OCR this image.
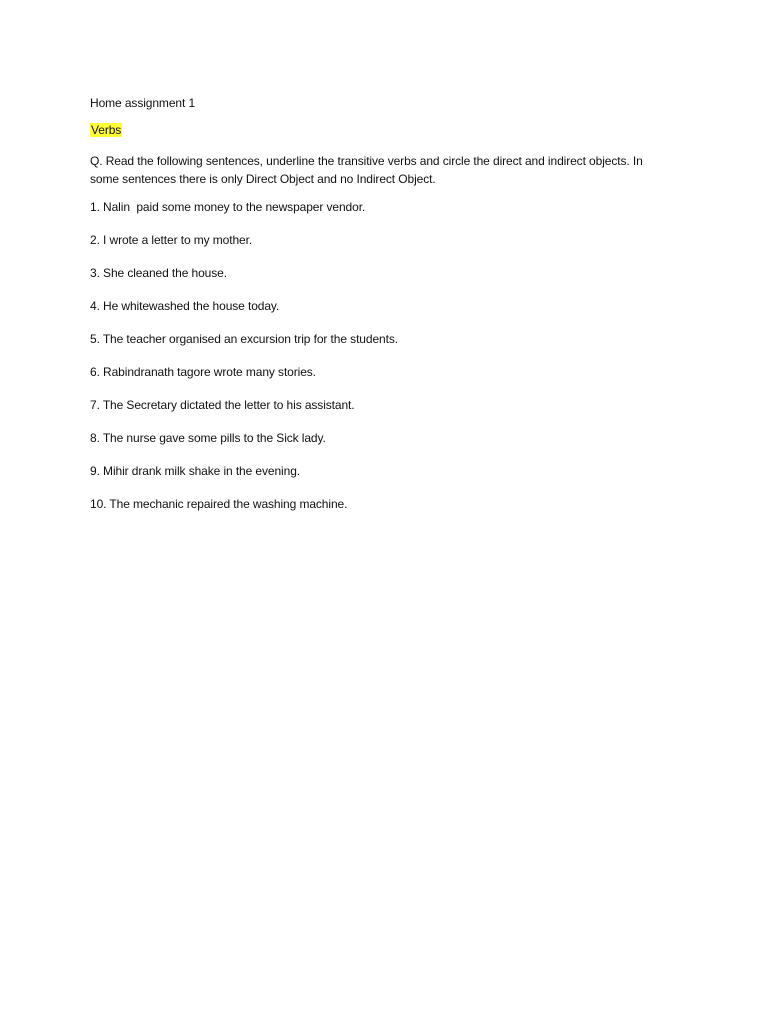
Home assignment 1
Verbs
Q. Read the following sentences, underline the transitive verbs and circle the direct and indirect objects. In some sentences there is only Direct Object and no Indirect Object.
1. Nalin  paid some money to the newspaper vendor.
2. I wrote a letter to my mother.
3. She cleaned the house.
4. He whitewashed the house today.
5. The teacher organised an excursion trip for the students.
6. Rabindranath tagore wrote many stories.
7. The Secretary dictated the letter to his assistant.
8. The nurse gave some pills to the Sick lady.
9. Mihir drank milk shake in the evening.
10. The mechanic repaired the washing machine.
